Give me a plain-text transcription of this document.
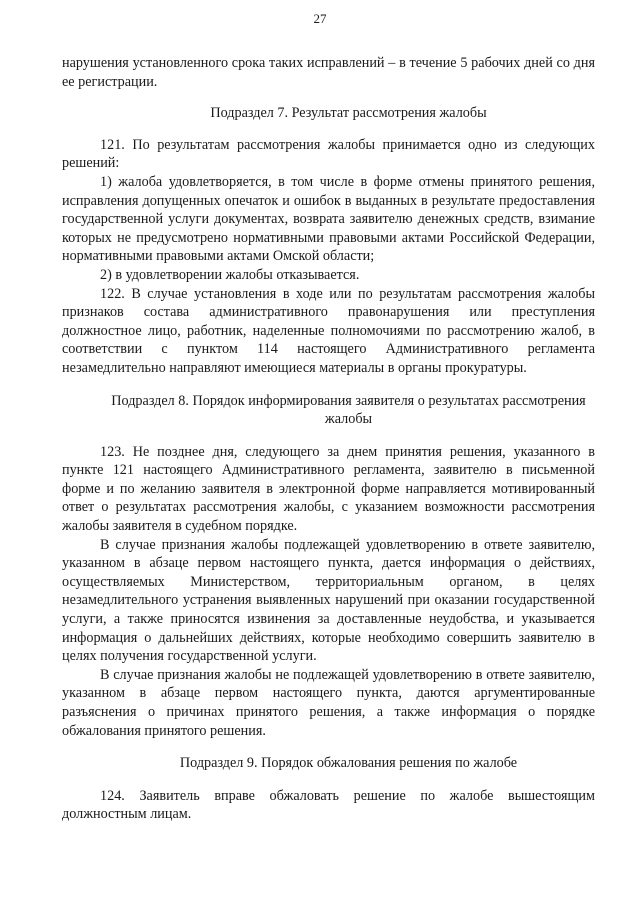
27

нарушения установленного срока таких исправлений – в течение 5 рабочих дней со дня ее регистрации.

Подраздел 7. Результат рассмотрения жалобы

121. По результатам рассмотрения жалобы принимается одно из следующих решений:

1) жалоба удовлетворяется, в том числе в форме отмены принятого решения, исправления допущенных опечаток и ошибок в выданных в результате предоставления государственной услуги документах, возврата заявителю денежных средств, взимание которых не предусмотрено нормативными правовыми актами Российской Федерации, нормативными правовыми актами Омской области;

2) в удовлетворении жалобы отказывается.

122. В случае установления в ходе или по результатам рассмотрения жалобы признаков состава административного правонарушения или преступления должностное лицо, работник, наделенные полномочиями по рассмотрению жалоб, в соответствии с пунктом 114 настоящего Административного регламента незамедлительно направляют имеющиеся материалы в органы прокуратуры.

Подраздел 8. Порядок информирования заявителя о результатах рассмотрения жалобы

123. Не позднее дня, следующего за днем принятия решения, указанного в пункте 121 настоящего Административного регламента, заявителю в письменной форме и по желанию заявителя в электронной форме направляется мотивированный ответ о результатах рассмотрения жалобы, с указанием возможности рассмотрения жалобы заявителя в судебном порядке.

В случае признания жалобы подлежащей удовлетворению в ответе заявителю, указанном в абзаце первом настоящего пункта, дается информация о действиях, осуществляемых Министерством, территориальным органом, в целях незамедлительного устранения выявленных нарушений при оказании государственной услуги, а также приносятся извинения за доставленные неудобства, и указывается информация о дальнейших действиях, которые необходимо совершить заявителю в целях получения государственной услуги.

В случае признания жалобы не подлежащей удовлетворению в ответе заявителю, указанном в абзаце первом настоящего пункта, даются аргументированные разъяснения о причинах принятого решения, а также информация о порядке обжалования принятого решения.

Подраздел 9. Порядок обжалования решения по жалобе

124. Заявитель вправе обжаловать решение по жалобе вышестоящим должностным лицам.
